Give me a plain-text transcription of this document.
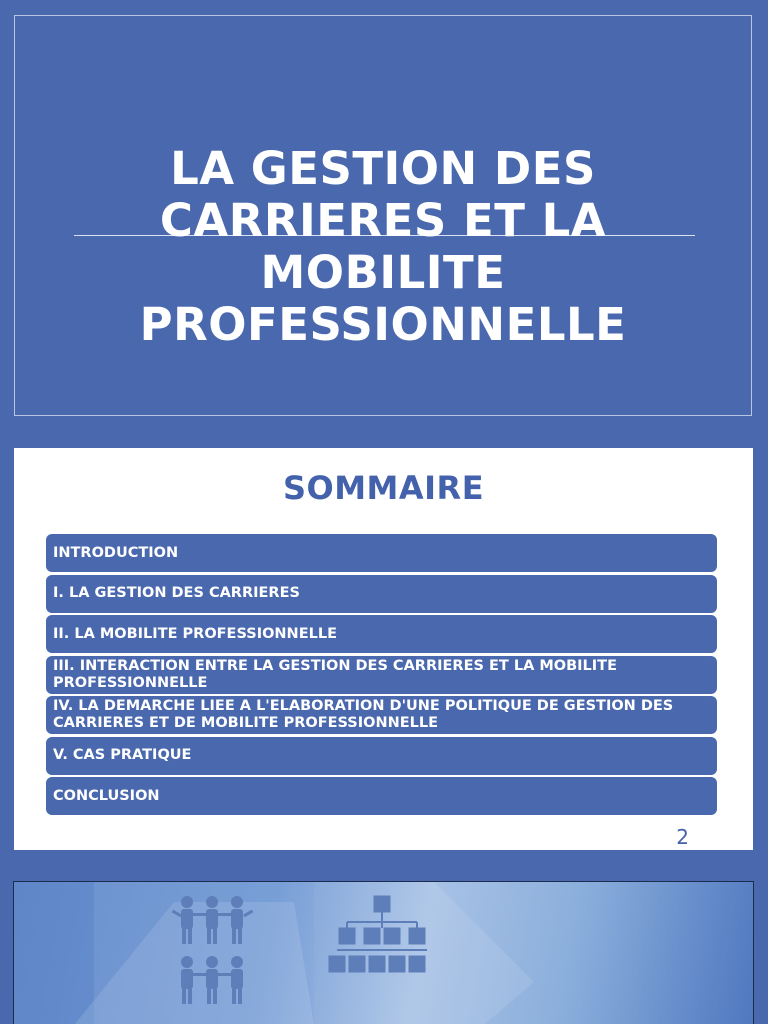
LA GESTION DES
CARRIERES ET LA
MOBILITE
PROFESSIONNELLE
SOMMAIRE
INTRODUCTION
I. LA GESTION DES CARRIERES
II. LA MOBILITE PROFESSIONNELLE
III. INTERACTION ENTRE LA GESTION DES CARRIERES ET LA MOBILITE PROFESSIONNELLE
IV. LA DEMARCHE LIEE A L'ELABORATION D'UNE POLITIQUE DE GESTION DES CARRIERES ET DE MOBILITE PROFESSIONNELLE
V. CAS PRATIQUE
CONCLUSION
2
